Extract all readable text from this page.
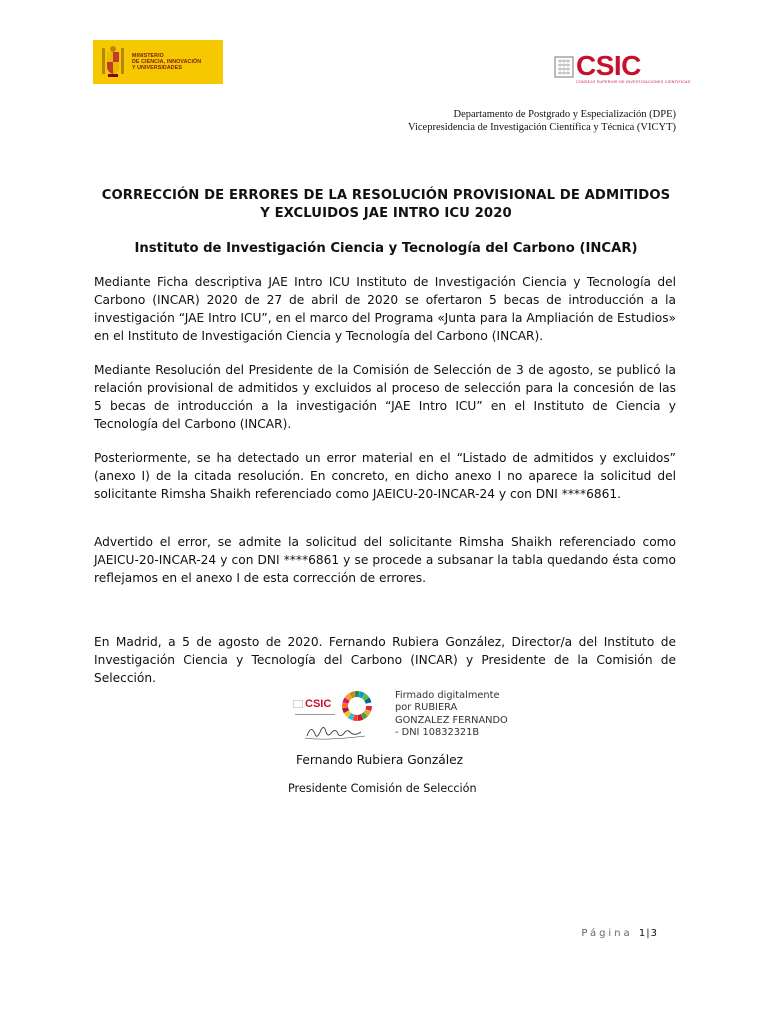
MINISTERIO
DE CIENCIA, INNOVACIÓN
Y UNIVERSIDADES	CSIC
CONSEJO SUPERIOR DE INVESTIGACIONES CIENTÍFICAS
Departamento de Postgrado y Especialización (DPE)
Vicepresidencia de Investigación Científica y Técnica (VICYT)
CORRECCIÓN DE ERRORES DE LA RESOLUCIÓN PROVISIONAL DE ADMITIDOS Y EXCLUIDOS JAE INTRO ICU 2020
Instituto de Investigación Ciencia y Tecnología del Carbono (INCAR)
Mediante Ficha descriptiva JAE Intro ICU Instituto de Investigación Ciencia y Tecnología del Carbono (INCAR) 2020 de 27 de abril de 2020 se ofertaron 5 becas de introducción a la investigación “JAE Intro ICU”, en el marco del Programa «Junta para la Ampliación de Estudios» en el Instituto de Investigación Ciencia y Tecnología del Carbono (INCAR).
Mediante Resolución del Presidente de la Comisión de Selección de 3 de agosto, se publicó la relación provisional de admitidos y excluidos al proceso de selección para la concesión de las 5 becas de introducción a la investigación “JAE Intro ICU” en el Instituto de Ciencia y Tecnología del Carbono (INCAR).
Posteriormente, se ha detectado un error material en el “Listado de admitidos y excluidos” (anexo I) de la citada resolución. En concreto, en dicho anexo I no aparece la solicitud del solicitante Rimsha Shaikh referenciado como JAEICU-20-INCAR-24 y con DNI ****6861.
Advertido el error, se admite la solicitud del solicitante Rimsha Shaikh referenciado como JAEICU-20-INCAR-24 y con DNI ****6861 y se procede a subsanar la tabla quedando ésta como reflejamos en el anexo I de esta corrección de errores.
En Madrid, a 5 de agosto de 2020. Fernando Rubiera González, Director/a del Instituto de Investigación Ciencia y Tecnología del Carbono (INCAR) y Presidente de la Comisión de Selección.
CSIC
Firmado digitalmente
por RUBIERA
GONZALEZ FERNANDO
- DNI 10832321B
Fernando Rubiera González
Presidente Comisión de Selección
Página 1|3
